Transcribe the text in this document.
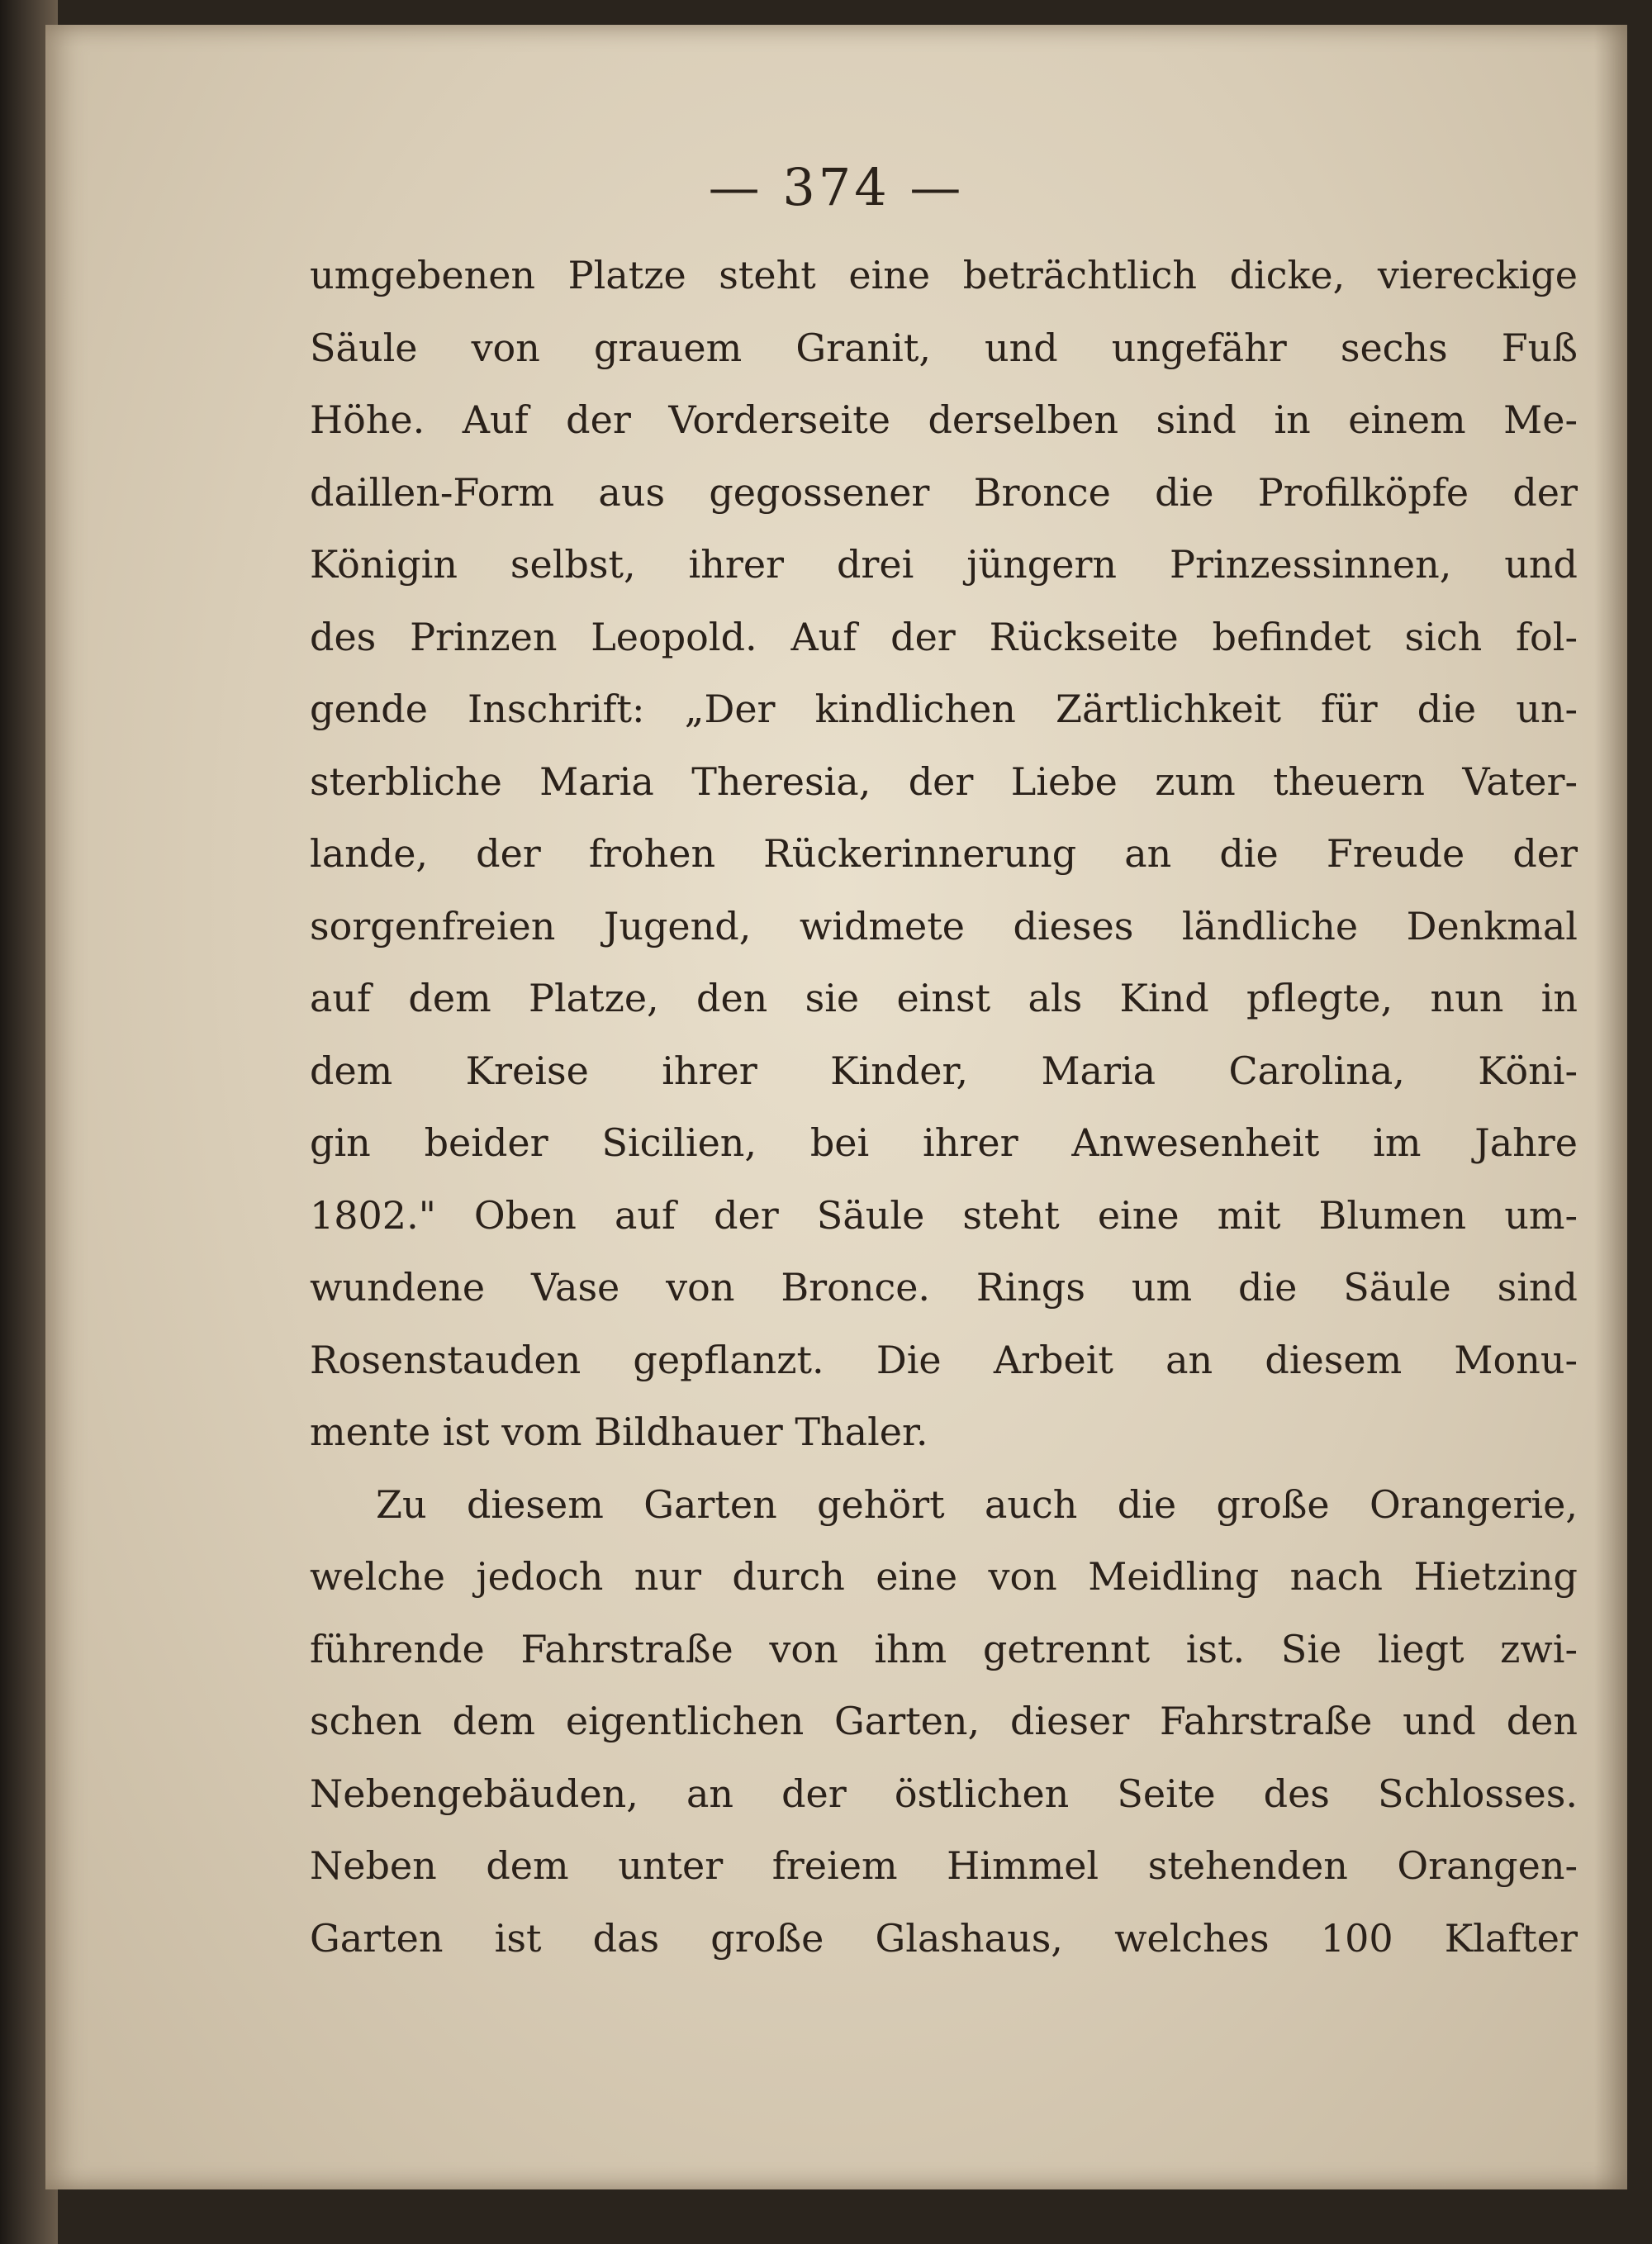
— 374 —
umgebenen Platze steht eine beträchtlich dicke, viereckige
Säule von grauem Granit, und ungefähr sechs Fuß
Höhe. Auf der Vorderseite derselben sind in einem Me-
daillen-Form aus gegossener Bronce die Profilköpfe der
Königin selbst, ihrer drei jüngern Prinzessinnen, und
des Prinzen Leopold. Auf der Rückseite befindet sich fol-
gende Inschrift: „Der kindlichen Zärtlichkeit für die un-
sterbliche Maria Theresia, der Liebe zum theuern Vater-
lande, der frohen Rückerinnerung an die Freude der
sorgenfreien Jugend, widmete dieses ländliche Denkmal
auf dem Platze, den sie einst als Kind pflegte, nun in
dem Kreise ihrer Kinder, Maria Carolina, Köni-
gin beider Sicilien, bei ihrer Anwesenheit im Jahre
1802." Oben auf der Säule steht eine mit Blumen um-
wundene Vase von Bronce. Rings um die Säule sind
Rosenstauden gepflanzt. Die Arbeit an diesem Monu-
mente ist vom Bildhauer Thaler.
Zu diesem Garten gehört auch die große Orangerie,
welche jedoch nur durch eine von Meidling nach Hietzing
führende Fahrstraße von ihm getrennt ist. Sie liegt zwi-
schen dem eigentlichen Garten, dieser Fahrstraße und den
Nebengebäuden, an der östlichen Seite des Schlosses.
Neben dem unter freiem Himmel stehenden Orangen-
Garten ist das große Glashaus, welches 100 Klafter
